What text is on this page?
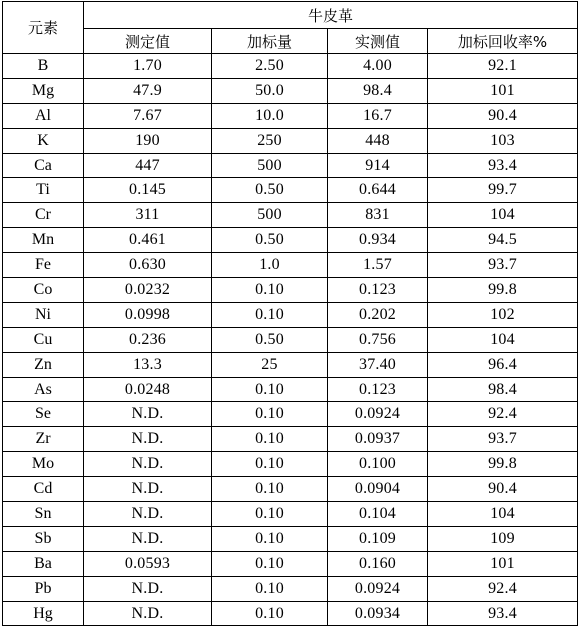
元素	牛皮革			
	测定值	加标量	实测值	加标回收率%
B	1.70	2.50	4.00	92.1
Mg	47.9	50.0	98.4	101
Al	7.67	10.0	16.7	90.4
K	190	250	448	103
Ca	447	500	914	93.4
Ti	0.145	0.50	0.644	99.7
Cr	311	500	831	104
Mn	0.461	0.50	0.934	94.5
Fe	0.630	1.0	1.57	93.7
Co	0.0232	0.10	0.123	99.8
Ni	0.0998	0.10	0.202	102
Cu	0.236	0.50	0.756	104
Zn	13.3	25	37.40	96.4
As	0.0248	0.10	0.123	98.4
Se	N.D.	0.10	0.0924	92.4
Zr	N.D.	0.10	0.0937	93.7
Mo	N.D.	0.10	0.100	99.8
Cd	N.D.	0.10	0.0904	90.4
Sn	N.D.	0.10	0.104	104
Sb	N.D.	0.10	0.109	109
Ba	0.0593	0.10	0.160	101
Pb	N.D.	0.10	0.0924	92.4
Hg	N.D.	0.10	0.0934	93.4
